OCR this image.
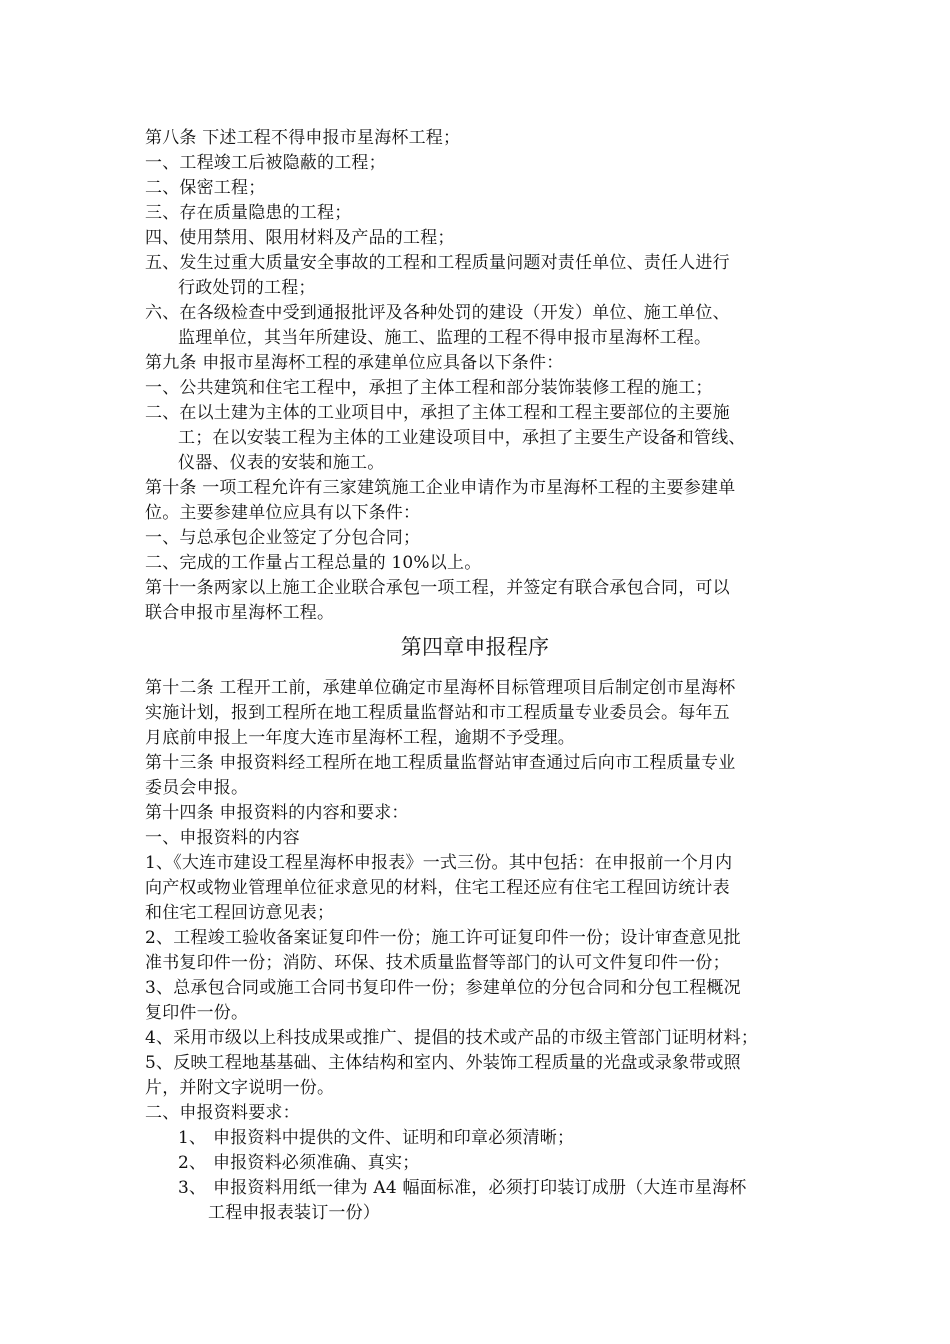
第八条 下述工程不得申报市星海杯工程；
一、工程竣工后被隐蔽的工程；
二、保密工程；
三、存在质量隐患的工程；
四、使用禁用、限用材料及产品的工程；
五、发生过重大质量安全事故的工程和工程质量问题对责任单位、责任人进行
行政处罚的工程；
六、在各级检查中受到通报批评及各种处罚的建设（开发）单位、施工单位、
监理单位，其当年所建设、施工、监理的工程不得申报市星海杯工程。
第九条 申报市星海杯工程的承建单位应具备以下条件：
一、公共建筑和住宅工程中，承担了主体工程和部分装饰装修工程的施工；
二、在以土建为主体的工业项目中，承担了主体工程和工程主要部位的主要施
工；在以安装工程为主体的工业建设项目中，承担了主要生产设备和管线、
仪器、仪表的安装和施工。
第十条 一项工程允许有三家建筑施工企业申请作为市星海杯工程的主要参建单
位。主要参建单位应具有以下条件：
一、与总承包企业签定了分包合同；
二、完成的工作量占工程总量的 10%以上。
第十一条两家以上施工企业联合承包一项工程，并签定有联合承包合同，可以
联合申报市星海杯工程。
第四章申报程序
第十二条 工程开工前，承建单位确定市星海杯目标管理项目后制定创市星海杯
实施计划，报到工程所在地工程质量监督站和市工程质量专业委员会。每年五
月底前申报上一年度大连市星海杯工程，逾期不予受理。
第十三条 申报资料经工程所在地工程质量监督站审查通过后向市工程质量专业
委员会申报。
第十四条 申报资料的内容和要求：
一、申报资料的内容
1、《大连市建设工程星海杯申报表》一式三份。其中包括：在申报前一个月内
向产权或物业管理单位征求意见的材料，住宅工程还应有住宅工程回访统计表
和住宅工程回访意见表；
2、工程竣工验收备案证复印件一份；施工许可证复印件一份；设计审查意见批
准书复印件一份；消防、环保、技术质量监督等部门的认可文件复印件一份；
3、总承包合同或施工合同书复印件一份；参建单位的分包合同和分包工程概况
复印件一份。
4、采用市级以上科技成果或推广、提倡的技术或产品的市级主管部门证明材料；
5、反映工程地基基础、主体结构和室内、外装饰工程质量的光盘或录象带或照
片，并附文字说明一份。
二、申报资料要求：
1、 申报资料中提供的文件、证明和印章必须清晰；
2、 申报资料必须准确、真实；
3、 申报资料用纸一律为 A4 幅面标准，必须打印装订成册（大连市星海杯
工程申报表装订一份）
